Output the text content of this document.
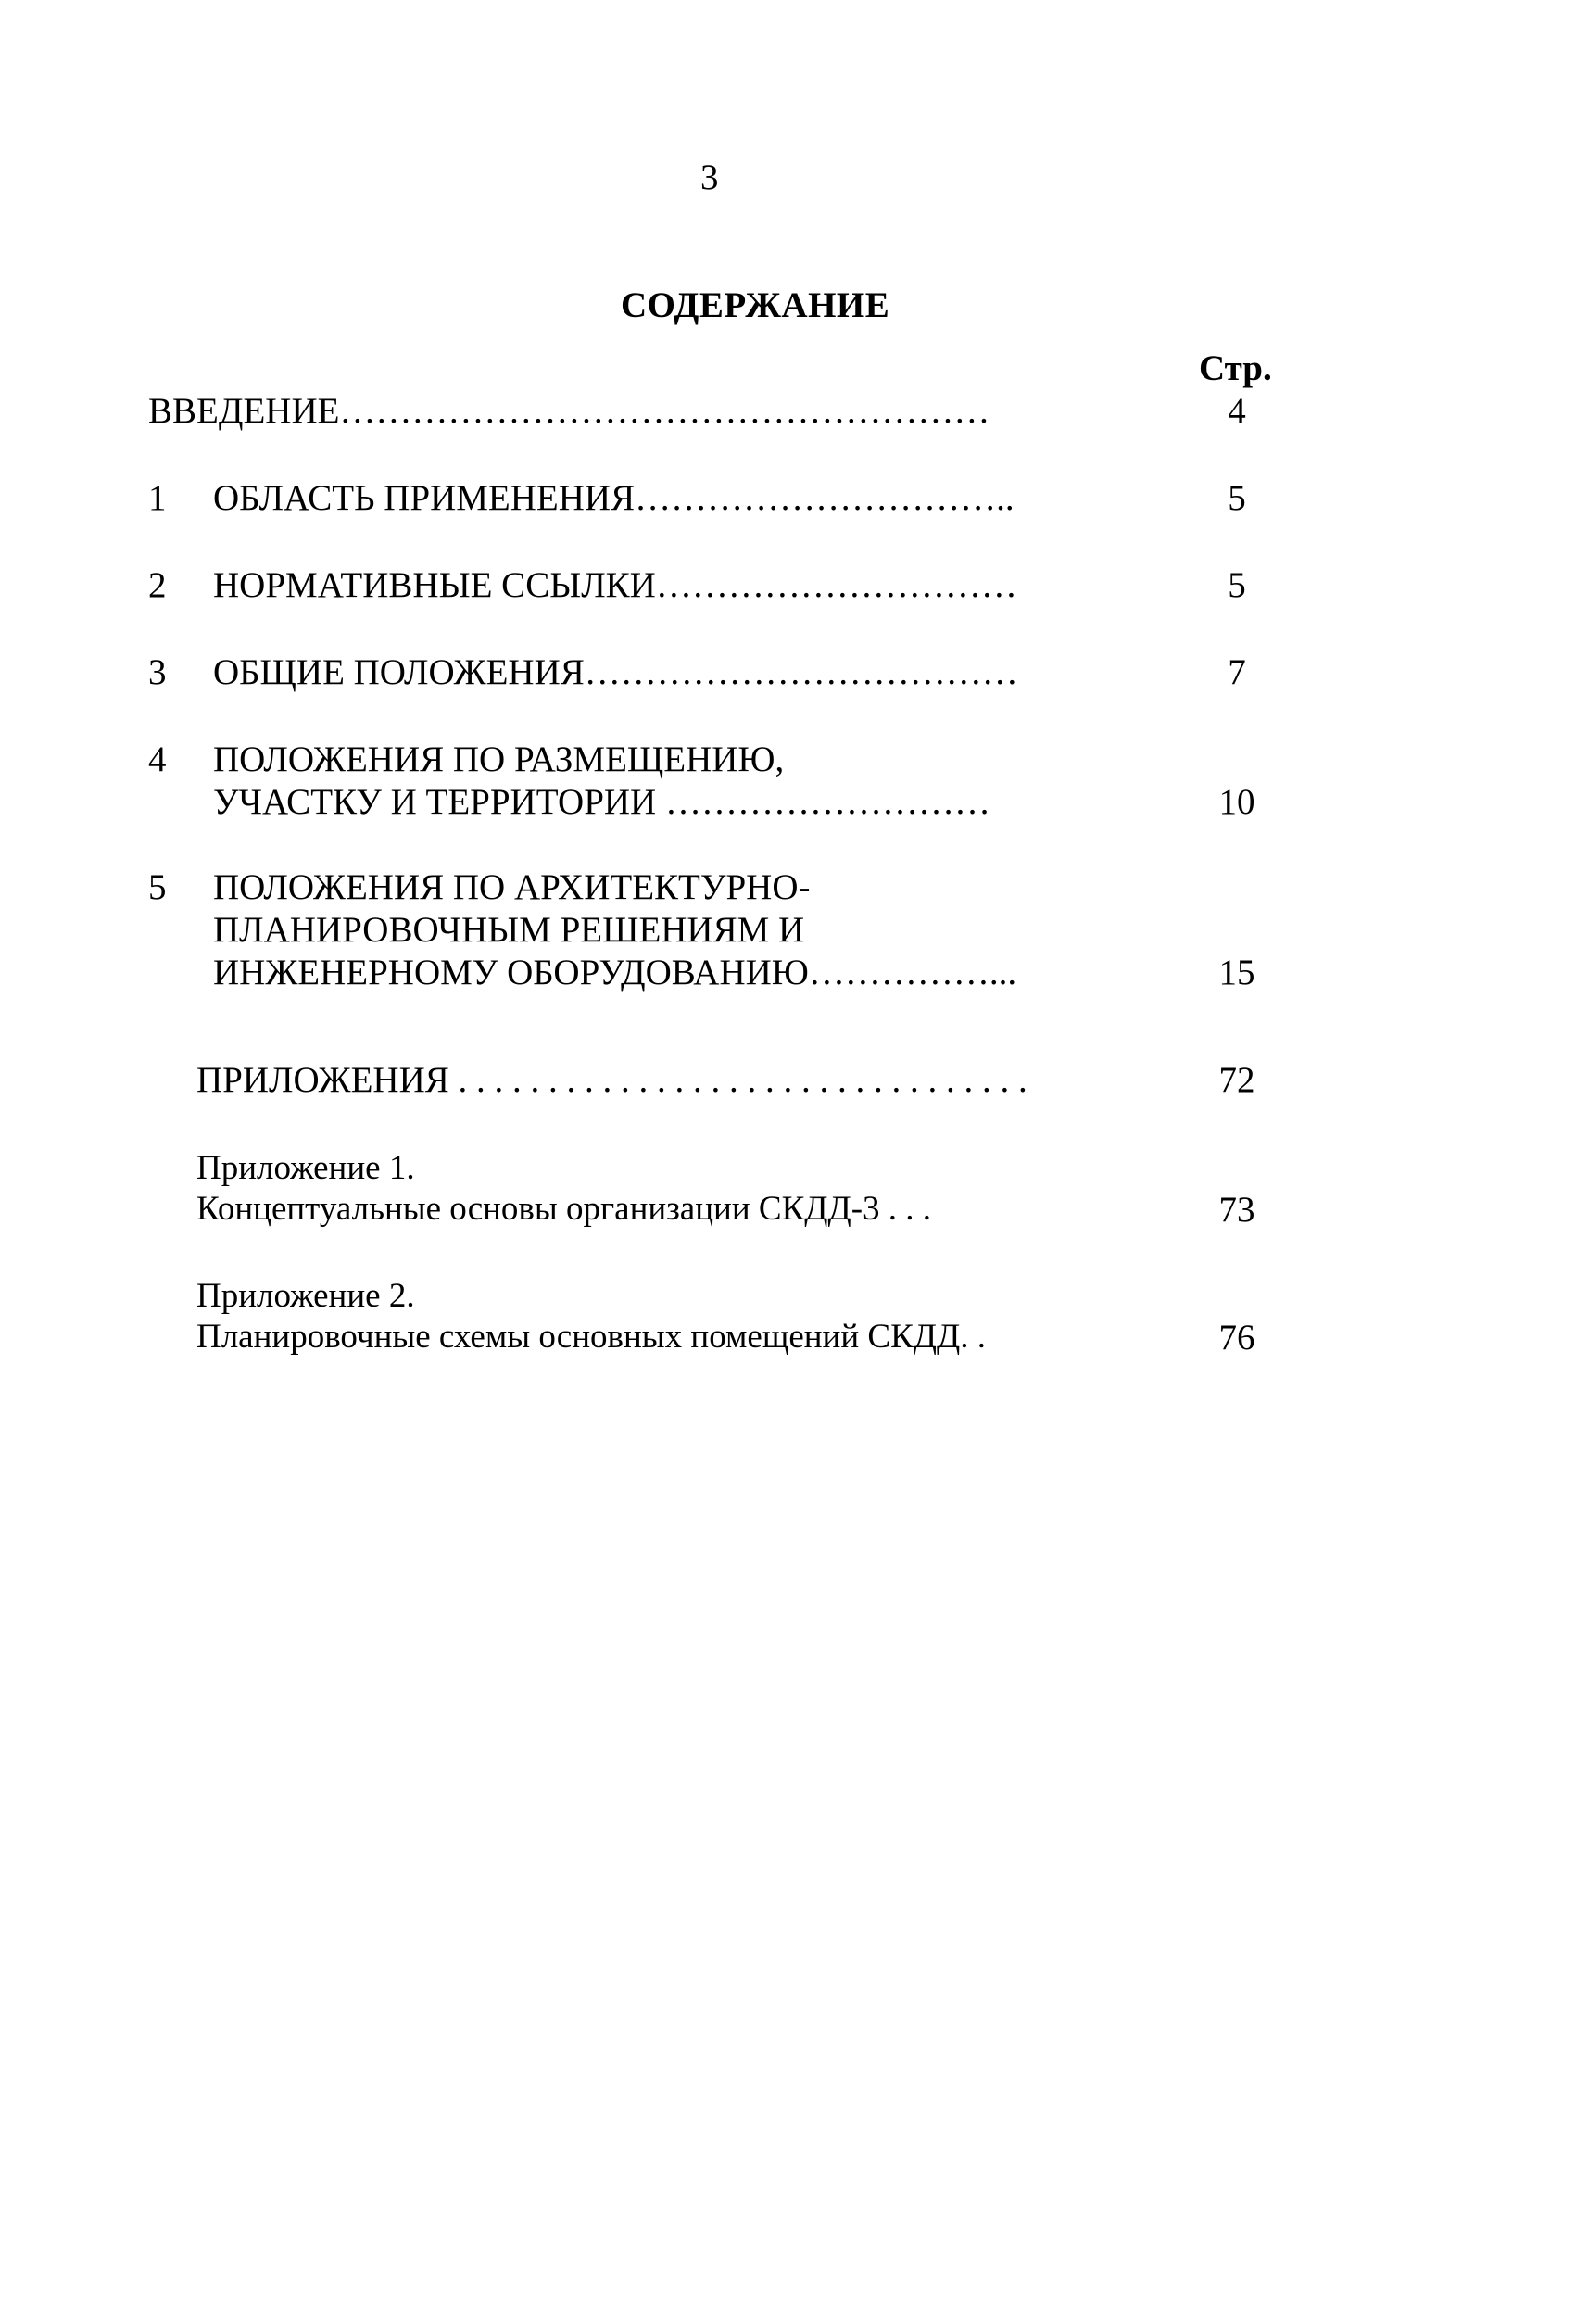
3
СОДЕРЖАНИЕ
Стр.
ВВЕДЕНИЕ………………………………………………	4
1 ОБЛАСТЬ ПРИМЕНЕНИЯ…………………………..	5
2 НОРМАТИВНЫЕ ССЫЛКИ…………………………	5
3 ОБЩИЕ ПОЛОЖЕНИЯ………………………………	7
4 ПОЛОЖЕНИЯ ПО РАЗМЕЩЕНИЮ,
УЧАСТКУ И ТЕРРИТОРИИ ………………………	10
5 ПОЛОЖЕНИЯ ПО АРХИТЕКТУРНО-
ПЛАНИРОВОЧНЫМ РЕШЕНИЯМ И
ИНЖЕНЕРНОМУ ОБОРУДОВАНИЮ……………...	15
ПРИЛОЖЕНИЯ . . . . . . . . . . . . . . . . . . . . . . . . . . . . . . . .	72
Приложение 1.
Концептуальные основы организации СКДД-3 . . .	73
Приложение 2.
Планировочные схемы основных помещений СКДД. .	76
